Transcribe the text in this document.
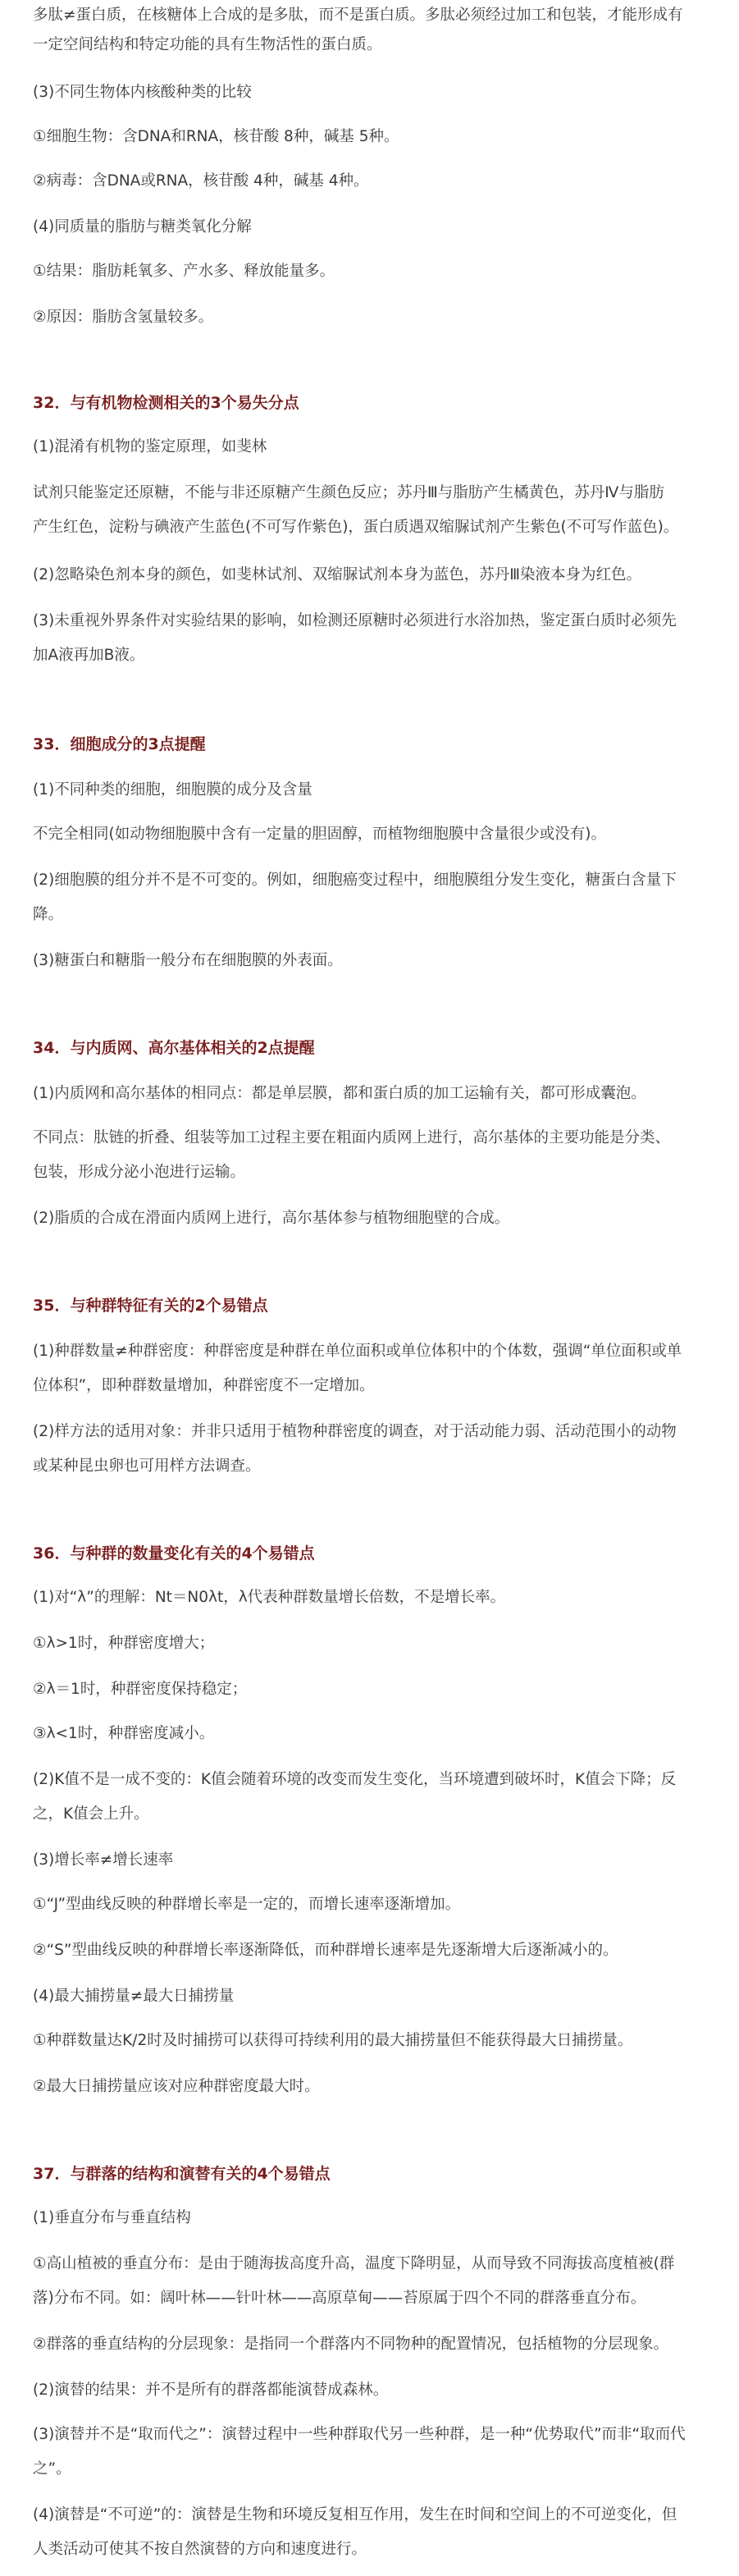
多肽≠蛋白质，在核糖体上合成的是多肽，而不是蛋白质。多肽必须经过加工和包装，才能形成有
一定空间结构和特定功能的具有生物活性的蛋白质。
(3)不同生物体内核酸种类的比较
①细胞生物：含DNA和RNA，核苷酸 8种，碱基 5种。
②病毒：含DNA或RNA，核苷酸 4种，碱基 4种。
(4)同质量的脂肪与糖类氧化分解
①结果：脂肪耗氧多、产水多、释放能量多。
②原因：脂肪含氢量较多。
32．与有机物检测相关的3个易失分点
(1)混淆有机物的鉴定原理，如斐林
试剂只能鉴定还原糖，不能与非还原糖产生颜色反应；苏丹Ⅲ与脂肪产生橘黄色，苏丹Ⅳ与脂肪
产生红色，淀粉与碘液产生蓝色(不可写作紫色)，蛋白质遇双缩脲试剂产生紫色(不可写作蓝色)。
(2)忽略染色剂本身的颜色，如斐林试剂、双缩脲试剂本身为蓝色，苏丹Ⅲ染液本身为红色。
(3)未重视外界条件对实验结果的影响，如检测还原糖时必须进行水浴加热，鉴定蛋白质时必须先
加A液再加B液。
33．细胞成分的3点提醒
(1)不同种类的细胞，细胞膜的成分及含量
不完全相同(如动物细胞膜中含有一定量的胆固醇，而植物细胞膜中含量很少或没有)。
(2)细胞膜的组分并不是不可变的。例如，细胞癌变过程中，细胞膜组分发生变化，糖蛋白含量下
降。
(3)糖蛋白和糖脂一般分布在细胞膜的外表面。
34．与内质网、高尔基体相关的2点提醒
(1)内质网和高尔基体的相同点：都是单层膜，都和蛋白质的加工运输有关，都可形成囊泡。
不同点：肽链的折叠、组装等加工过程主要在粗面内质网上进行，高尔基体的主要功能是分类、
包装，形成分泌小泡进行运输。
(2)脂质的合成在滑面内质网上进行，高尔基体参与植物细胞壁的合成。
35．与种群特征有关的2个易错点
(1)种群数量≠种群密度：种群密度是种群在单位面积或单位体积中的个体数，强调“单位面积或单
位体积”，即种群数量增加，种群密度不一定增加。
(2)样方法的适用对象：并非只适用于植物种群密度的调查，对于活动能力弱、活动范围小的动物
或某种昆虫卵也可用样方法调查。
36．与种群的数量变化有关的4个易错点
(1)对“λ”的理解：Nt＝N0λt，λ代表种群数量增长倍数，不是增长率。
①λ>1时，种群密度增大；
②λ＝1时，种群密度保持稳定；
③λ<1时，种群密度减小。
(2)K值不是一成不变的：K值会随着环境的改变而发生变化，当环境遭到破坏时，K值会下降；反
之，K值会上升。
(3)增长率≠增长速率
①“J”型曲线反映的种群增长率是一定的，而增长速率逐渐增加。
②“S”型曲线反映的种群增长率逐渐降低，而种群增长速率是先逐渐增大后逐渐减小的。
(4)最大捕捞量≠最大日捕捞量
①种群数量达K/2时及时捕捞可以获得可持续利用的最大捕捞量但不能获得最大日捕捞量。
②最大日捕捞量应该对应种群密度最大时。
37．与群落的结构和演替有关的4个易错点
(1)垂直分布与垂直结构
①高山植被的垂直分布：是由于随海拔高度升高，温度下降明显，从而导致不同海拔高度植被(群
落)分布不同。如：阔叶林——针叶林——高原草甸——苔原属于四个不同的群落垂直分布。
②群落的垂直结构的分层现象：是指同一个群落内不同物种的配置情况，包括植物的分层现象。
(2)演替的结果：并不是所有的群落都能演替成森林。
(3)演替并不是“取而代之”：演替过程中一些种群取代另一些种群，是一种“优势取代”而非“取而代
之”。
(4)演替是“不可逆”的：演替是生物和环境反复相互作用，发生在时间和空间上的不可逆变化，但
人类活动可使其不按自然演替的方向和速度进行。
